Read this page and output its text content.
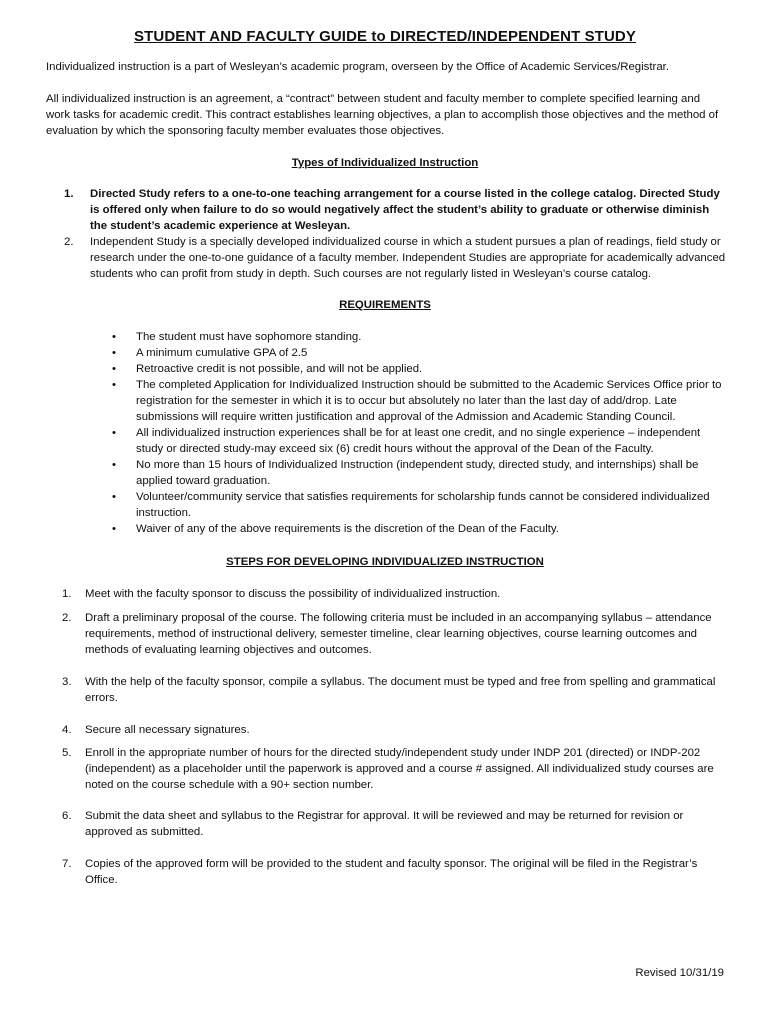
STUDENT AND FACULTY GUIDE to DIRECTED/INDEPENDENT STUDY

Individualized instruction is a part of Wesleyan’s academic program, overseen by the Office of Academic Services/Registrar.

All individualized instruction is an agreement, a “contract” between student and faculty member to complete specified learning and work tasks for academic credit. This contract establishes learning objectives, a plan to accomplish those objectives and the method of evaluation by which the sponsoring faculty member evaluates those objectives.

Types of Individualized Instruction

1. Directed Study refers to a one-to-one teaching arrangement for a course listed in the college catalog. Directed Study is offered only when failure to do so would negatively affect the student’s ability to graduate or otherwise diminish the student’s academic experience at Wesleyan.
2. Independent Study is a specially developed individualized course in which a student pursues a plan of readings, field study or research under the one-to-one guidance of a faculty member. Independent Studies are appropriate for academically advanced students who can profit from study in depth. Such courses are not regularly listed in Wesleyan’s course catalog.

REQUIREMENTS

• The student must have sophomore standing.
• A minimum cumulative GPA of 2.5
• Retroactive credit is not possible, and will not be applied.
• The completed Application for Individualized Instruction should be submitted to the Academic Services Office prior to registration for the semester in which it is to occur but absolutely no later than the last day of add/drop. Late submissions will require written justification and approval of the Admission and Academic Standing Council.
• All individualized instruction experiences shall be for at least one credit, and no single experience – independent study or directed study-may exceed six (6) credit hours without the approval of the Dean of the Faculty.
• No more than 15 hours of Individualized Instruction (independent study, directed study, and internships) shall be applied toward graduation.
• Volunteer/community service that satisfies requirements for scholarship funds cannot be considered individualized instruction.
• Waiver of any of the above requirements is the discretion of the Dean of the Faculty.

STEPS FOR DEVELOPING INDIVIDUALIZED INSTRUCTION

1. Meet with the faculty sponsor to discuss the possibility of individualized instruction.
2. Draft a preliminary proposal of the course. The following criteria must be included in an accompanying syllabus – attendance requirements, method of instructional delivery, semester timeline, clear learning objectives, course learning outcomes and methods of evaluating learning objectives and outcomes.
3. With the help of the faculty sponsor, compile a syllabus. The document must be typed and free from spelling and grammatical errors.
4. Secure all necessary signatures.
5. Enroll in the appropriate number of hours for the directed study/independent study under INDP 201 (directed) or INDP-202 (independent) as a placeholder until the paperwork is approved and a course # assigned. All individualized study courses are noted on the course schedule with a 90+ section number.
6. Submit the data sheet and syllabus to the Registrar for approval. It will be reviewed and may be returned for revision or approved as submitted.
7. Copies of the approved form will be provided to the student and faculty sponsor. The original will be filed in the Registrar’s Office.
Revised 10/31/19
